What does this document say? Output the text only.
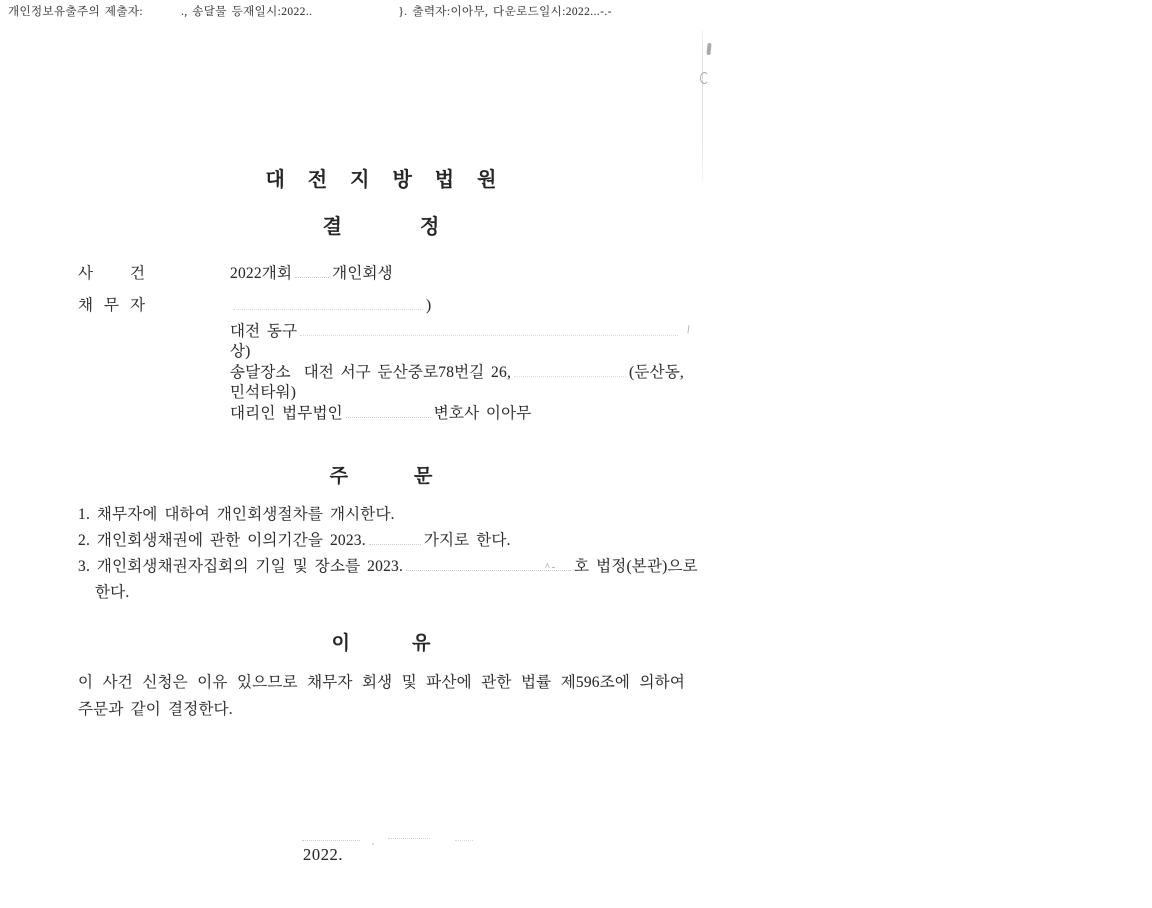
개인정보유출주의 제출자:	., 송달물 등재일시:2022..	}. 출력자:이아무, 다운로드일시:2022...-.-
대전지방법원
결정
사건	2022개회	개인회생
채무자	)
대전 동구
상)
송달장소 대전 서구 둔산중로78번길 26,	(둔산동,
민석타워)
대리인 법무법인	변호사 이아무
주문
1. 채무자에 대하여 개인회생절차를 개시한다.
2. 개인회생채권에 관한 이의기간을 2023.	가지로 한다.
3. 개인회생채권자집회의 기일 및 장소를 2023.	^- 호 법정(본관)으로
한다.
이유
이 사건 신청은 이유 있으므로 채무자 회생 및 파산에 관한 법률 제596조에 의하여
주문과 같이 결정한다.
2022.	´
